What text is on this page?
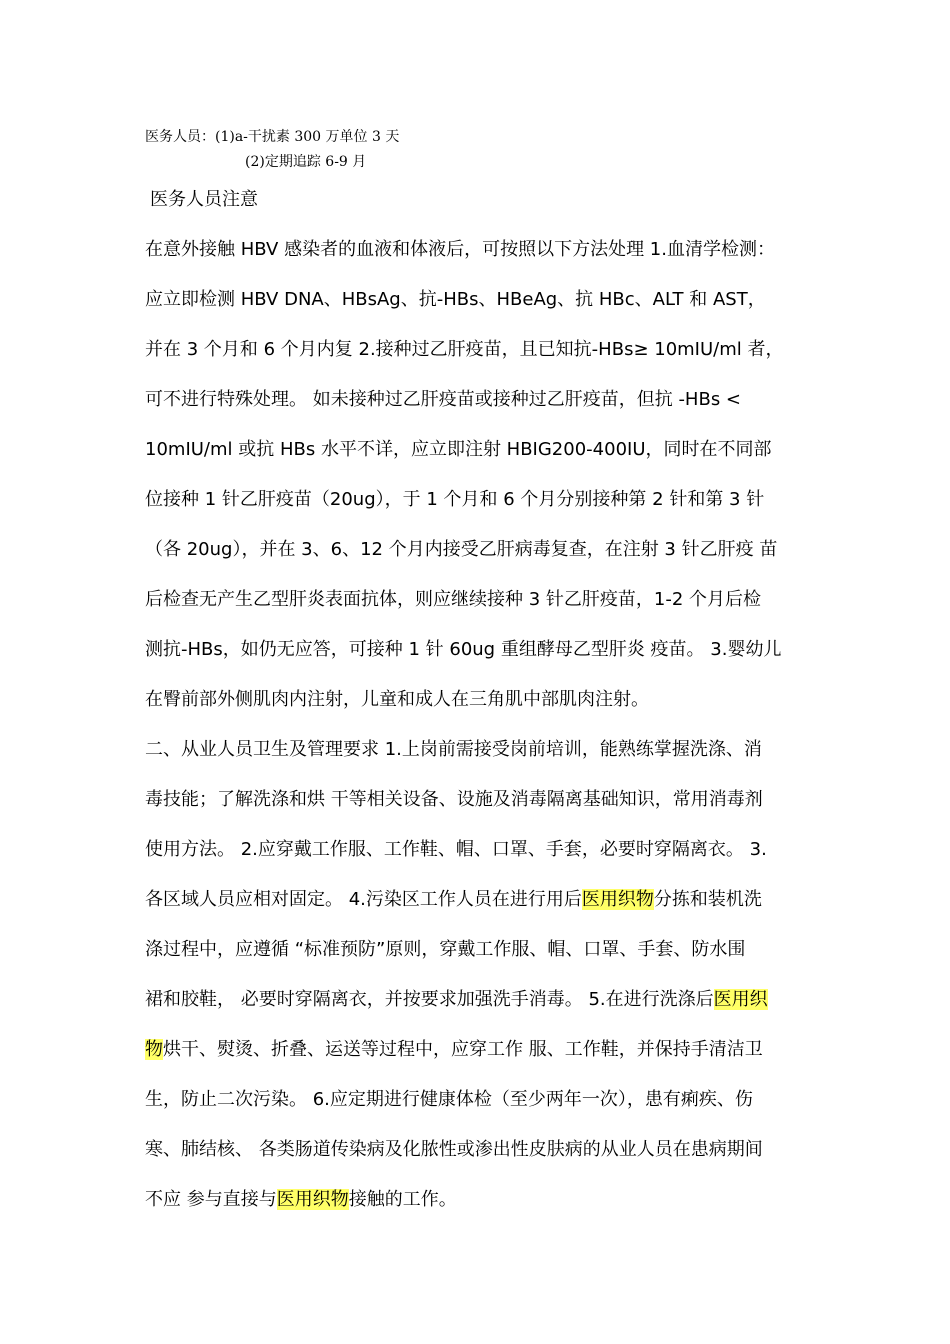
医务人员：(1)a-干扰素 300 万单位 3 天
(2)定期追踪 6-9 月
医务人员注意
在意外接触 HBV 感染者的血液和体液后，可按照以下方法处理 1.血清学检测：
应立即检测 HBV DNA、HBsAg、抗-HBs、HBeAg、抗 HBc、ALT 和 AST，
并在 3 个月和 6 个月内复 2.接种过乙肝疫苗，且已知抗-HBs≥ 10mIU/ml 者，
可不进行特殊处理。 如未接种过乙肝疫苗或接种过乙肝疫苗，但抗 -HBs <
10mIU/ml 或抗 HBs 水平不详，应立即注射 HBIG200-400IU，同时在不同部
位接种 1 针乙肝疫苗（20ug），于 1 个月和 6 个月分别接种第 2 针和第 3 针
（各 20ug），并在 3、6、12 个月内接受乙肝病毒复查，在注射 3 针乙肝疫 苗
后检查无产生乙型肝炎表面抗体，则应继续接种 3 针乙肝疫苗，1-2 个月后检
测抗-HBs，如仍无应答，可接种 1 针 60ug 重组酵母乙型肝炎 疫苗。 3.婴幼儿
在臀前部外侧肌肉内注射，儿童和成人在三角肌中部肌肉注射。
二、从业人员卫生及管理要求 1.上岗前需接受岗前培训，能熟练掌握洗涤、消
毒技能；了解洗涤和烘 干等相关设备、设施及消毒隔离基础知识，常用消毒剂
使用方法。 2.应穿戴工作服、工作鞋、帽、口罩、手套，必要时穿隔离衣。 3.
各区域人员应相对固定。 4.污染区工作人员在进行用后医用织物分拣和装机洗
涤过程中，应遵循 “标准预防”原则，穿戴工作服、帽、口罩、手套、防水围
裙和胶鞋， 必要时穿隔离衣，并按要求加强洗手消毒。 5.在进行洗涤后医用织
物烘干、熨烫、折叠、运送等过程中，应穿工作 服、工作鞋，并保持手清洁卫
生，防止二次污染。 6.应定期进行健康体检（至少两年一次），患有痢疾、伤
寒、肺结核、 各类肠道传染病及化脓性或渗出性皮肤病的从业人员在患病期间
不应 参与直接与医用织物接触的工作。
